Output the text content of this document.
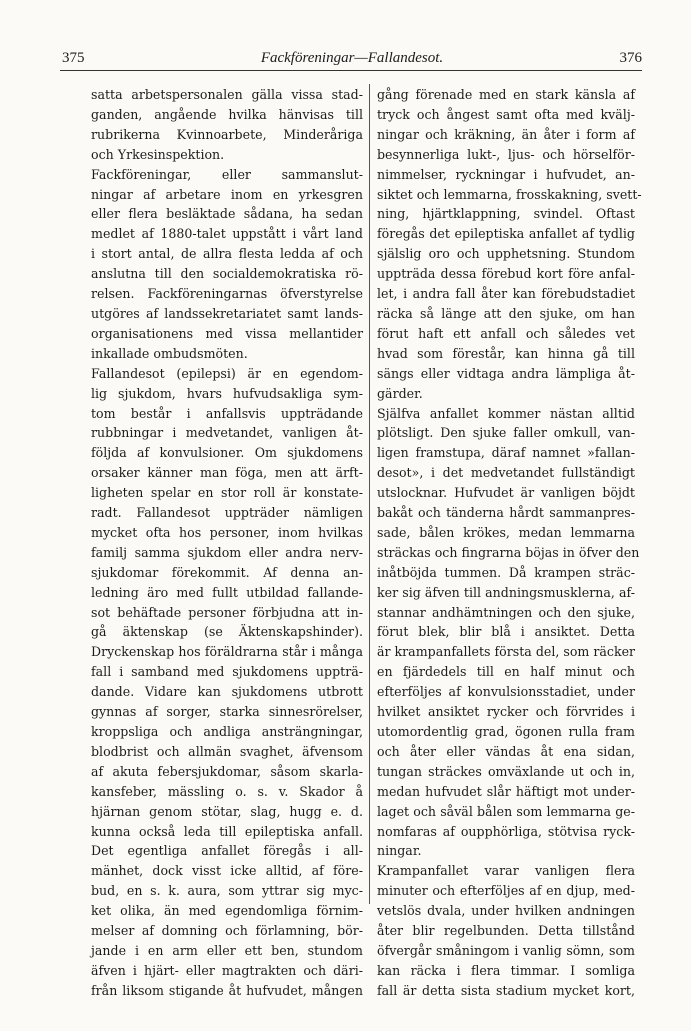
375	Fackföreningar—Fallandesot.	376
satta arbetspersonalen gälla vissa stad-
ganden, angående hvilka hänvisas till
rubrikerna Kvinnoarbete, Minderåriga
och Yrkesinspektion.
Fackföreningar, eller sammanslut-
ningar af arbetare inom en yrkesgren
eller flera besläktade sådana, ha sedan
medlet af 1880-talet uppstått i vårt land
i stort antal, de allra flesta ledda af och
anslutna till den socialdemokratiska rö-
relsen. Fackföreningarnas öfverstyrelse
utgöres af landssekretariatet samt lands-
organisationens med vissa mellantider
inkallade ombudsmöten.
Fallandesot (epilepsi) är en egendom-
lig sjukdom, hvars hufvudsakliga sym-
tom består i anfallsvis uppträdande
rubbningar i medvetandet, vanligen åt-
följda af konvulsioner. Om sjukdomens
orsaker känner man föga, men att ärft-
ligheten spelar en stor roll är konstate-
radt. Fallandesot uppträder nämligen
mycket ofta hos personer, inom hvilkas
familj samma sjukdom eller andra nerv-
sjukdomar förekommit. Af denna an-
ledning äro med fullt utbildad fallande-
sot behäftade personer förbjudna att in-
gå äktenskap (se Äktenskapshinder).
Dryckenskap hos föräldrarna står i många
fall i samband med sjukdomens uppträ-
dande. Vidare kan sjukdomens utbrott
gynnas af sorger, starka sinnesrörelser,
kroppsliga och andliga ansträngningar,
blodbrist och allmän svaghet, äfvensom
af akuta febersjukdomar, såsom skarla-
kansfeber, mässling o. s. v. Skador å
hjärnan genom stötar, slag, hugg e. d.
kunna också leda till epileptiska anfall.
Det egentliga anfallet föregås i all-
mänhet, dock visst icke alltid, af före-
bud, en s. k. aura, som yttrar sig myc-
ket olika, än med egendomliga förnim-
melser af domning och förlamning, bör-
jande i en arm eller ett ben, stundom
äfven i hjärt- eller magtrakten och däri-
från liksom stigande åt hufvudet, mången
gång förenade med en stark känsla af
tryck och ångest samt ofta med kvälj-
ningar och kräkning, än åter i form af
besynnerliga lukt-, ljus- och hörselför-
nimmelser, ryckningar i hufvudet, an-
siktet och lemmarna, frosskakning, svett-
ning, hjärtklappning, svindel. Oftast
föregås det epileptiska anfallet af tydlig
själslig oro och upphetsning. Stundom
uppträda dessa förebud kort före anfal-
let, i andra fall åter kan förebudstadiet
räcka så länge att den sjuke, om han
förut haft ett anfall och således vet
hvad som förestår, kan hinna gå till
sängs eller vidtaga andra lämpliga åt-
gärder.
Själfva anfallet kommer nästan alltid
plötsligt. Den sjuke faller omkull, van-
ligen framstupa, däraf namnet »fallan-
desot», i det medvetandet fullständigt
utslocknar. Hufvudet är vanligen böjdt
bakåt och tänderna hårdt sammanpres-
sade, bålen krökes, medan lemmarna
sträckas och fingrarna böjas in öfver den
inåtböjda tummen. Då krampen sträc-
ker sig äfven till andningsmusklerna, af-
stannar andhämtningen och den sjuke,
förut blek, blir blå i ansiktet. Detta
är krampanfallets första del, som räcker
en fjärdedels till en half minut och
efterföljes af konvulsionsstadiet, under
hvilket ansiktet rycker och förvrides i
utomordentlig grad, ögonen rulla fram
och åter eller vändas åt ena sidan,
tungan sträckes omväxlande ut och in,
medan hufvudet slår häftigt mot under-
laget och såväl bålen som lemmarna ge-
nomfaras af oupphörliga, stötvisa ryck-
ningar.
Krampanfallet varar vanligen flera
minuter och efterföljes af en djup, med-
vetslös dvala, under hvilken andningen
åter blir regelbunden. Detta tillstånd
öfvergår småningom i vanlig sömn, som
kan räcka i flera timmar. I somliga
fall är detta sista stadium mycket kort,
